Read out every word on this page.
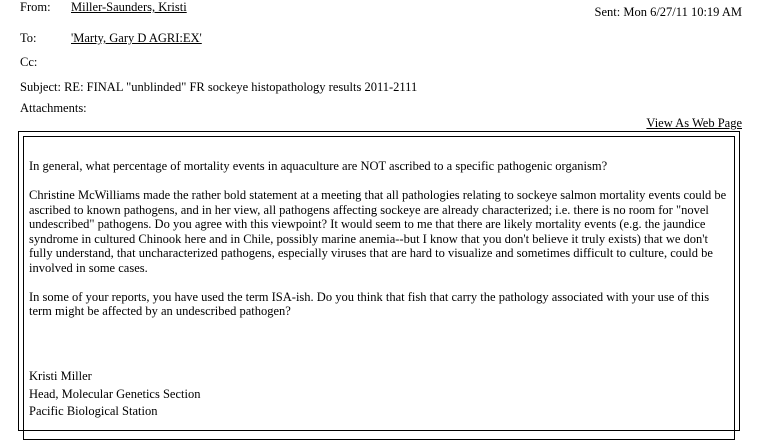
From: Miller-Saunders, Kristi	Sent: Mon 6/27/11 10:19 AM
To:	'Marty, Gary D AGRI:EX'
Cc:
Subject: RE: FINAL "unblinded" FR sockeye histopathology results 2011-2111
Attachments:
View As Web Page

In general, what percentage of mortality events in aquaculture are NOT ascribed to a specific pathogenic organism?

Christine McWilliams made the rather bold statement at a meeting that all pathologies relating to sockeye salmon mortality events could be ascribed to known pathogens, and in her view, all pathogens affecting sockeye are already characterized; i.e. there is no room for "novel undescribed" pathogens. Do you agree with this viewpoint? It would seem to me that there are likely mortality events (e.g. the jaundice syndrome in cultured Chinook here and in Chile, possibly marine anemia--but I know that you don't believe it truly exists) that we don't fully understand, that uncharacterized pathogens, especially viruses that are hard to visualize and sometimes difficult to culture, could be involved in some cases.

In some of your reports, you have used the term ISA-ish. Do you think that fish that carry the pathology associated with your use of this term might be affected by an undescribed pathogen?

Kristi Miller
Head, Molecular Genetics Section
Pacific Biological Station
